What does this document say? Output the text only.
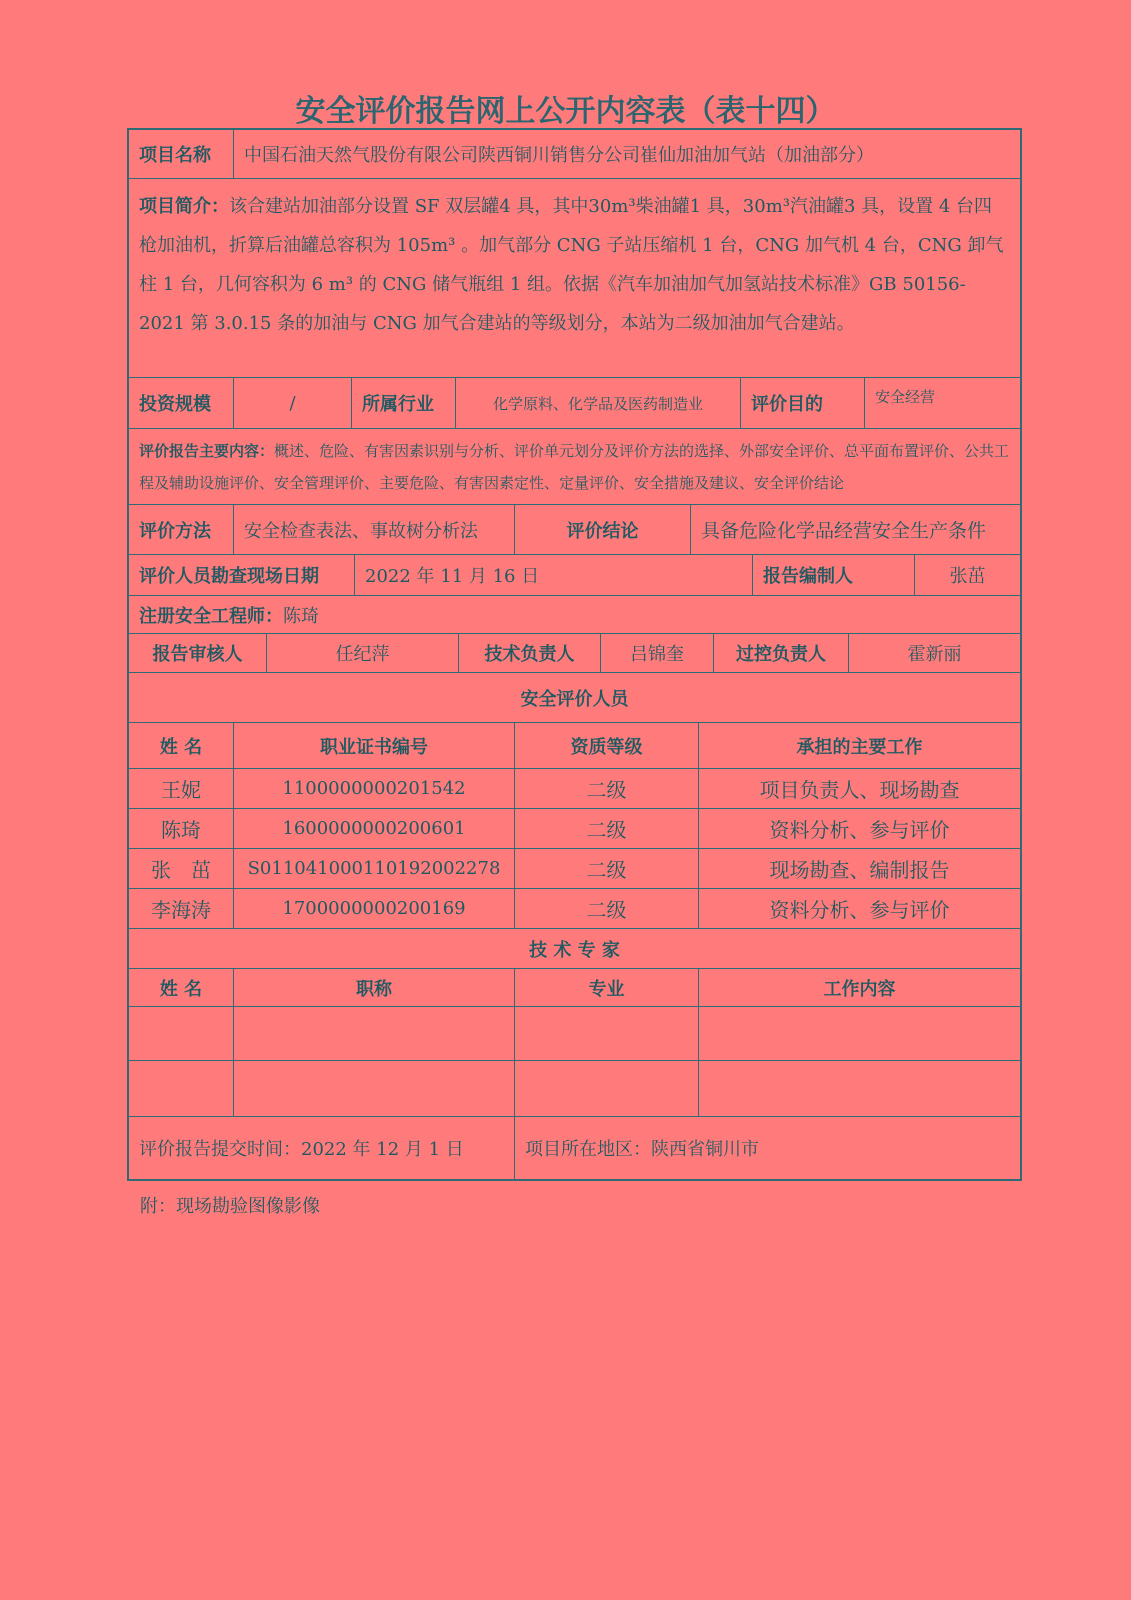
安全评价报告网上公开内容表（表十四）
项目名称	中国石油天然气股份有限公司陕西铜川销售分公司崔仙加油加气站（加油部分）
项目简介：该合建站加油部分设置 SF 双层罐4 具，其中30m³柴油罐1 具，30m³汽油罐3 具，设置 4 台四枪加油机，折算后油罐总容积为 105m³ 。加气部分 CNG 子站压缩机 1 台，CNG 加气机 4 台，CNG 卸气柱 1 台，几何容积为 6 m³ 的 CNG 储气瓶组 1 组。依据《汽车加油加气加氢站技术标准》GB 50156-2021 第 3.0.15 条的加油与 CNG 加气合建站的等级划分，本站为二级加油加气合建站。
投资规模	/	所属行业	化学原料、化学品及医药制造业	评价目的	安全经营
评价报告主要内容：概述、危险、有害因素识别与分析、评价单元划分及评价方法的选择、外部安全评价、总平面布置评价、公共工程及辅助设施评价、安全管理评价、主要危险、有害因素定性、定量评价、安全措施及建议、安全评价结论
评价方法	安全检查表法、事故树分析法	评价结论	具备危险化学品经营安全生产条件
评价人员勘查现场日期	2022 年 11 月 16 日	报告编制人	张茁
注册安全工程师： 陈琦
报告审核人	任纪萍	技术负责人	吕锦奎	过控负责人	霍新丽
安全评价人员
姓 名	职业证书编号	资质等级	承担的主要工作
王妮	1100000000201542	二级	项目负责人、现场勘查
陈琦	1600000000200601	二级	资料分析、参与评价
张　茁	S011041000110192002278	二级	现场勘查、编制报告
李海涛	1700000000200169	二级	资料分析、参与评价
技 术 专 家
姓 名	职称	专业	工作内容
评价报告提交时间：2022 年 12 月 1 日	项目所在地区：陕西省铜川市
附：现场勘验图像影像
